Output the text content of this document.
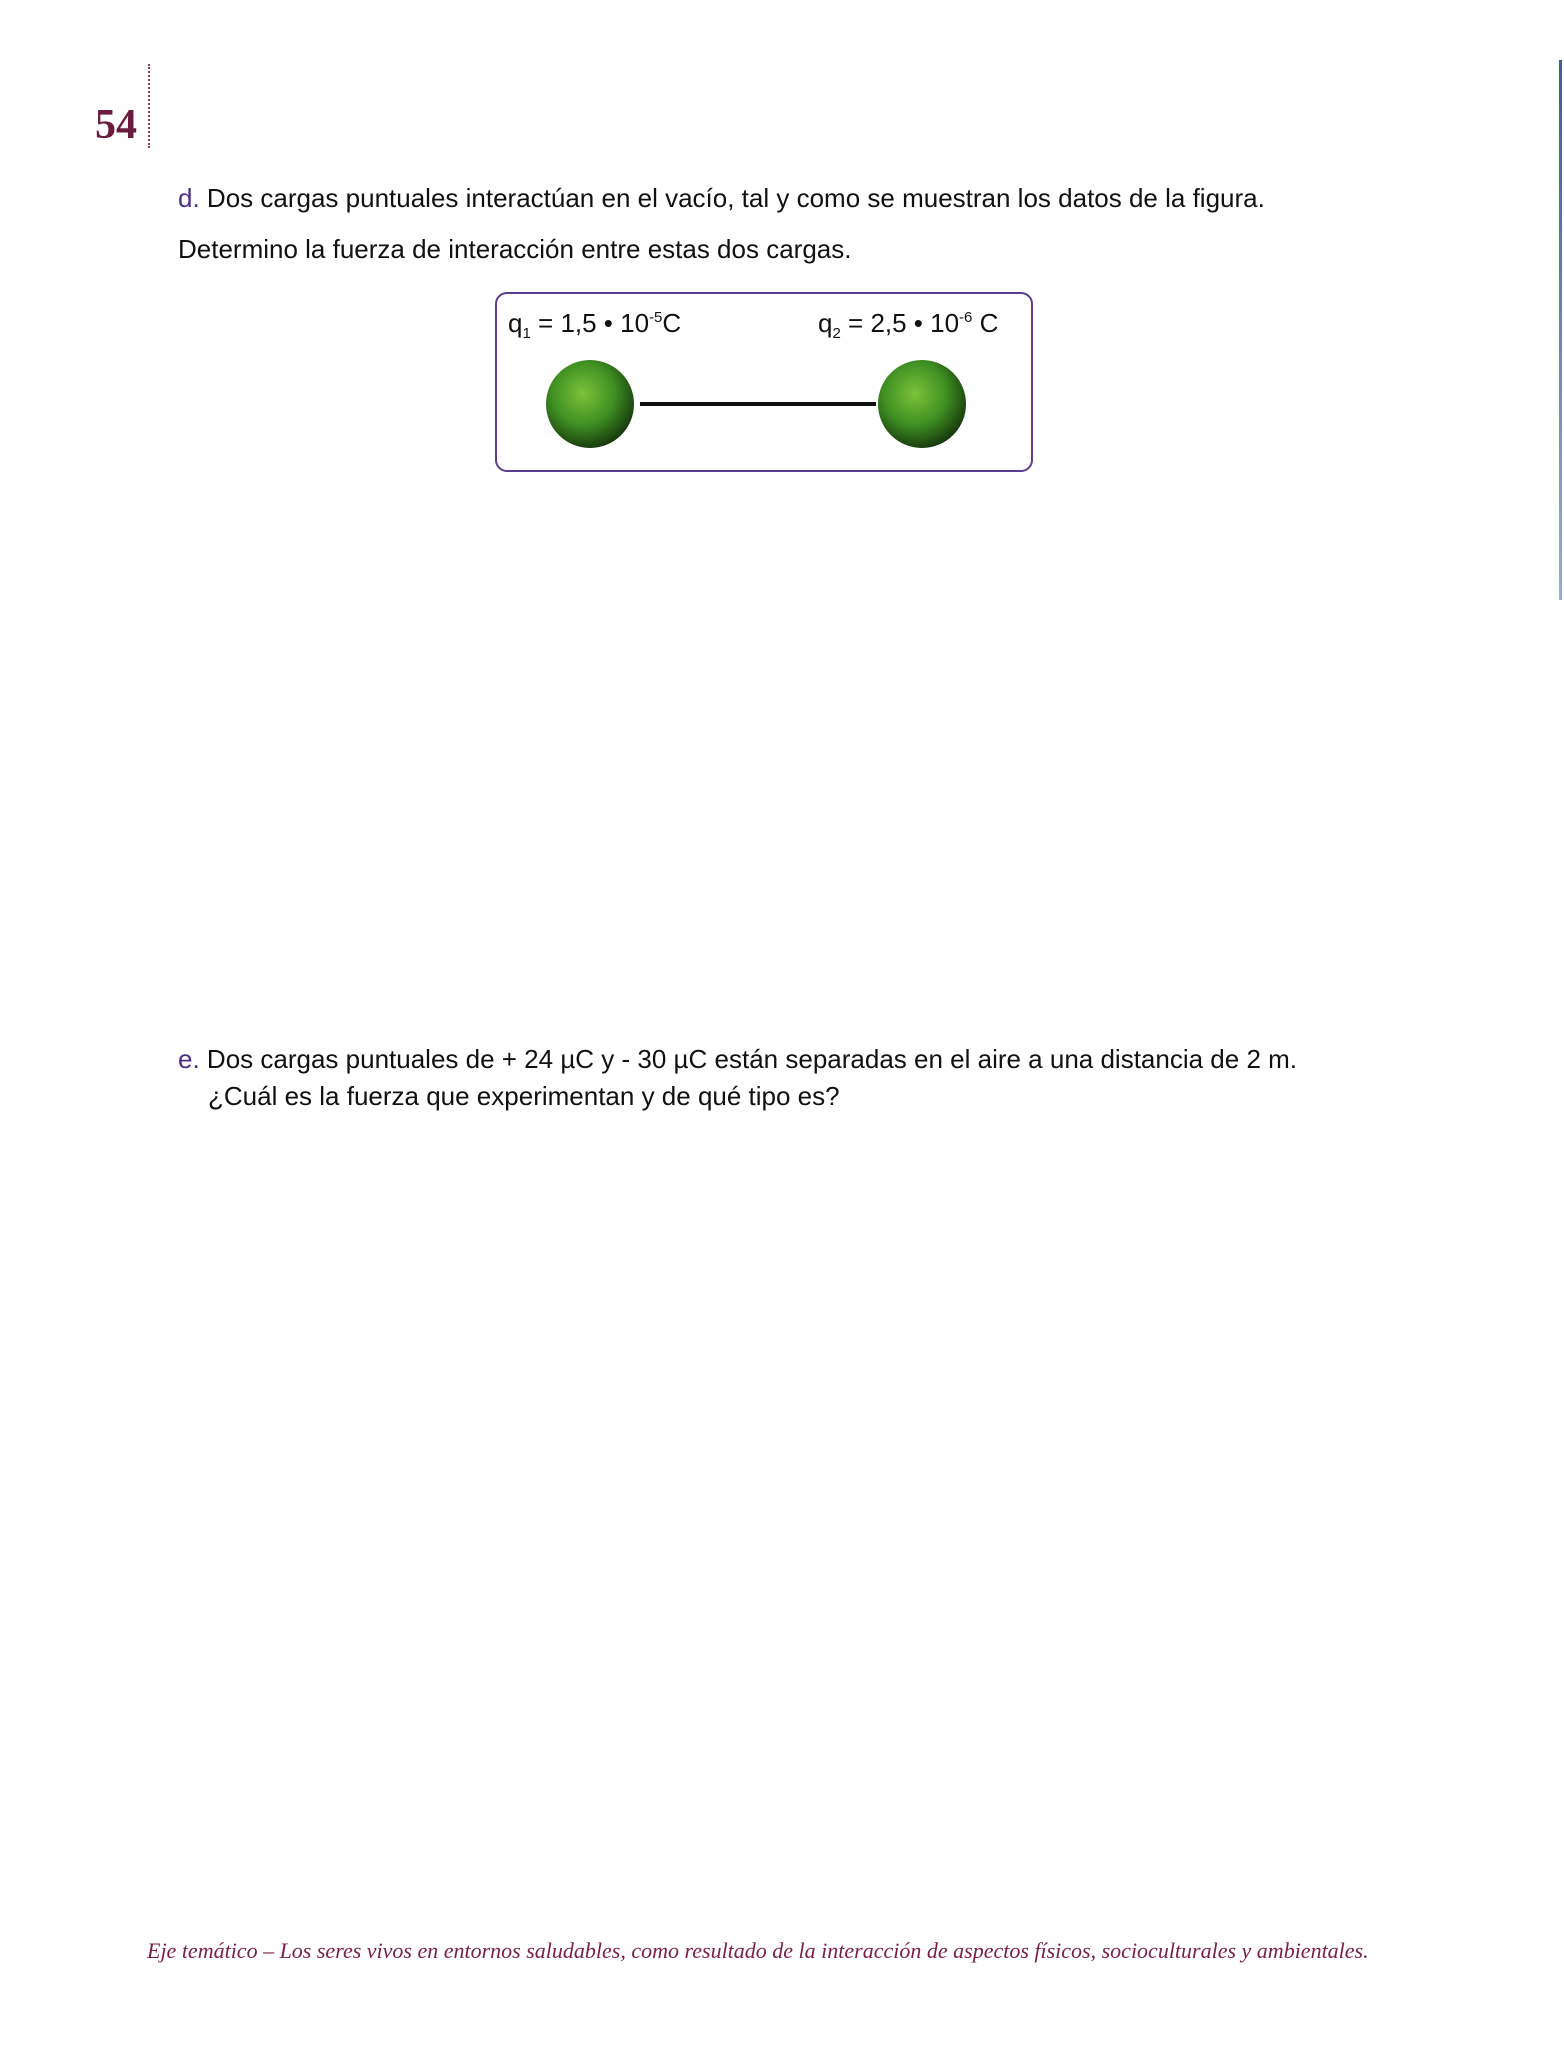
54
d. Dos cargas puntuales interactúan en el vacío, tal y como se muestran los datos de la figura.
Determino la fuerza de interacción entre estas dos cargas.
$q_1 = 1,5$ • $10^{-5}C$	$q_2 = 2,5$ • $10^{-6}$ C
e. Dos cargas puntuales de + 24 µC y - 30 µC están separadas en el aire a una distancia de 2 m.
¿Cuál es la fuerza que experimentan y de qué tipo es?
Eje temático – Los seres vivos en entornos saludables, como resultado de la interacción de aspectos físicos, socioculturales y ambientales.
